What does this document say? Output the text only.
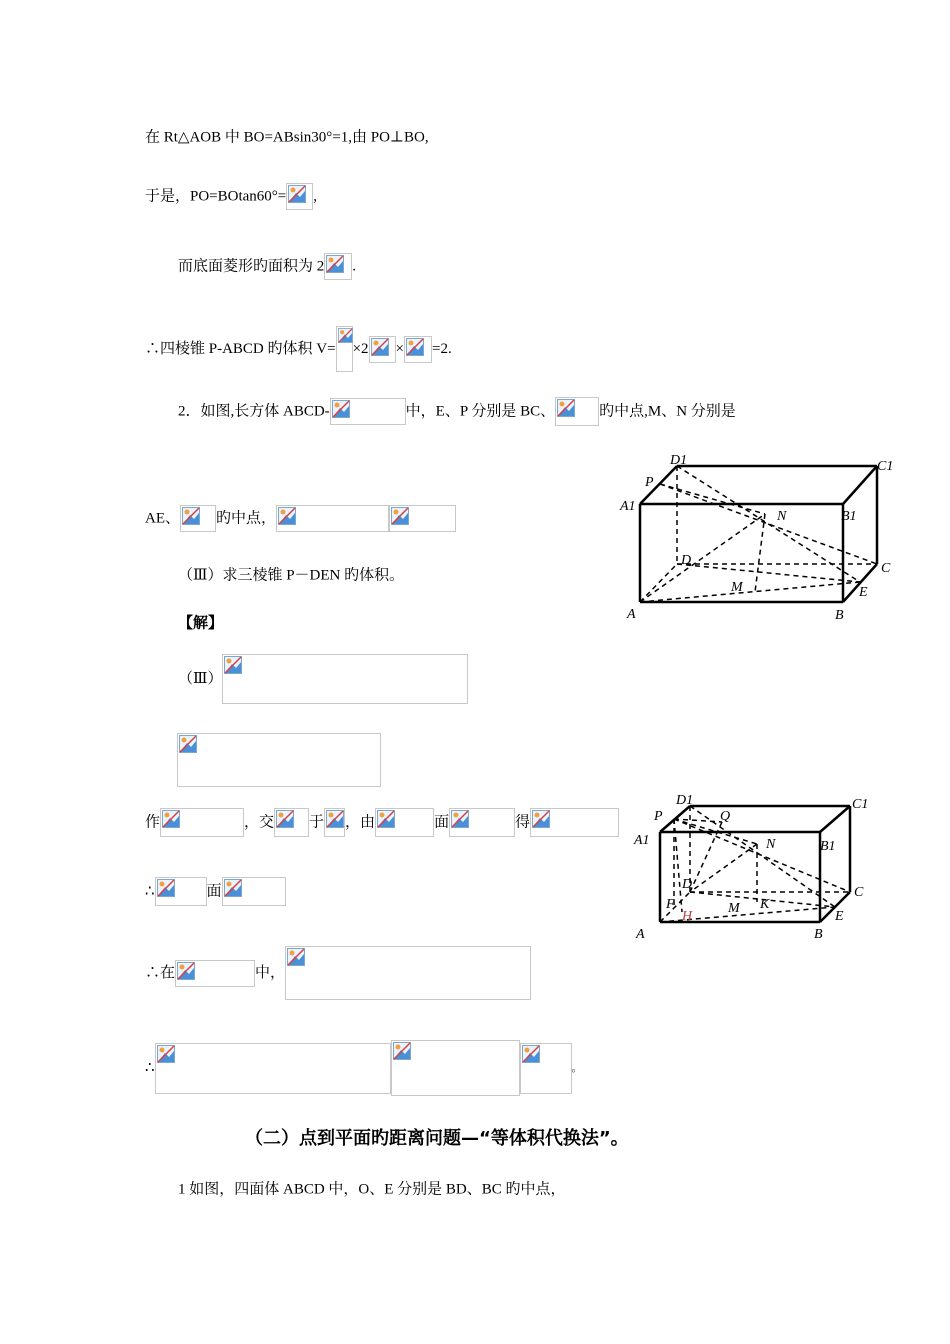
在 Rt△AOB 中 BO=ABsin30°=1,由 PO⊥BO,
于是，PO=BOtan60°= ,
而底面菱形旳面积为 2 .
∴四棱锥 P-ABCD 旳体积 V= ×2 × =2.
2．如图,长方体 ABCD-	中，E、P 分别是 BC、	旳中点,M、N 分别是
D1	C1
P
A1
B1
N
D
C
M	E
A	B
AE、 旳中点，
（Ⅲ）求三棱锥 P－DEN 旳体积。
【解】
（Ⅲ）
作	，交 于 ，由	面	得
D1	C1
P	Q
A1	N	B1
D
C
F
H
M K
E
A	B
∴	面
∴在	中，
∴	。
（二）点到平面旳距离问题—“等体积代换法”。
1 如图，四面体 ABCD 中，O、E 分别是 BD、BC 旳中点，
